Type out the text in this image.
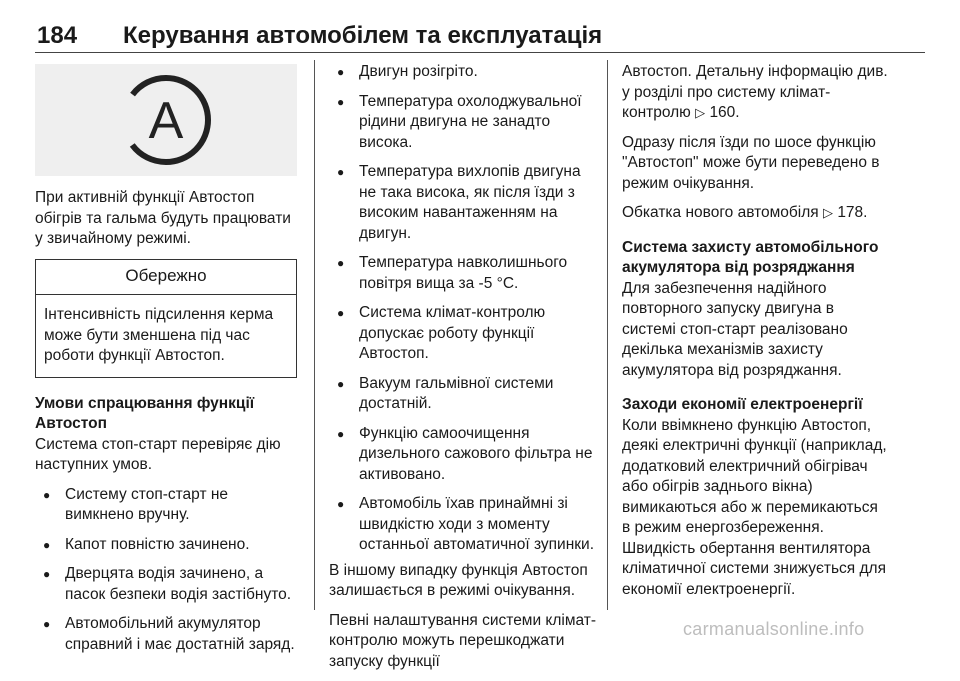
184 Керування автомобілем та експлуатація
A

При активній функції Автостоп обігрів та гальма будуть працювати у звичайному режимі.

Обережно
Інтенсивність підсилення керма може бути зменшена під час роботи функції Автостоп.
Умови спрацювання функції Автостоп

Система стоп-старт перевіряє дію наступних умов.

● Систему стоп-старт не вимкнено вручну.
● Капот повністю зачинено.
● Дверцята водія зачинено, а пасок безпеки водія застібнуто.
● Автомобільний акумулятор справний і має достатній заряд.
● Двигун розігріто.
● Температура охолоджувальної рідини двигуна не занадто висока.
● Температура вихлопів двигуна не така висока, як після їзди з високим навантаженням на двигун.
● Температура навколишнього повітря вища за -5 °C.
● Система клімат-контролю допускає роботу функції Автостоп.
● Вакуум гальмівної системи достатній.
● Функцію самоочищення дизельного сажового фільтра не активовано.
● Автомобіль їхав принаймні зі швидкістю ходи з моменту останньої автоматичної зупинки.

В іншому випадку функція Автостоп залишається в режимі очікування.

Певні налаштування системи клімат-контролю можуть перешкоджати запуску функції

Автостоп. Детальну інформацію див. у розділі про систему клімат-контролю ▷ 160.

Одразу після їзди по шосе функцію "Автостоп" може бути переведено в режим очікування.

Обкатка нового автомобіля ▷ 178.

Система захисту автомобільного акумулятора від розряджання

Для забезпечення надійного повторного запуску двигуна в системі стоп-старт реалізовано декілька механізмів захисту акумулятора від розряджання.

Заходи економії електроенергії

Коли ввімкнено функцію Автостоп, деякі електричні функції (наприклад, додатковий електричний обігрівач або обігрів заднього вікна) вимикаються або ж перемикаються в режим енергозбереження. Швидкість обертання вентилятора кліматичної системи знижується для економії електроенергії.

carmanualsonline.info
